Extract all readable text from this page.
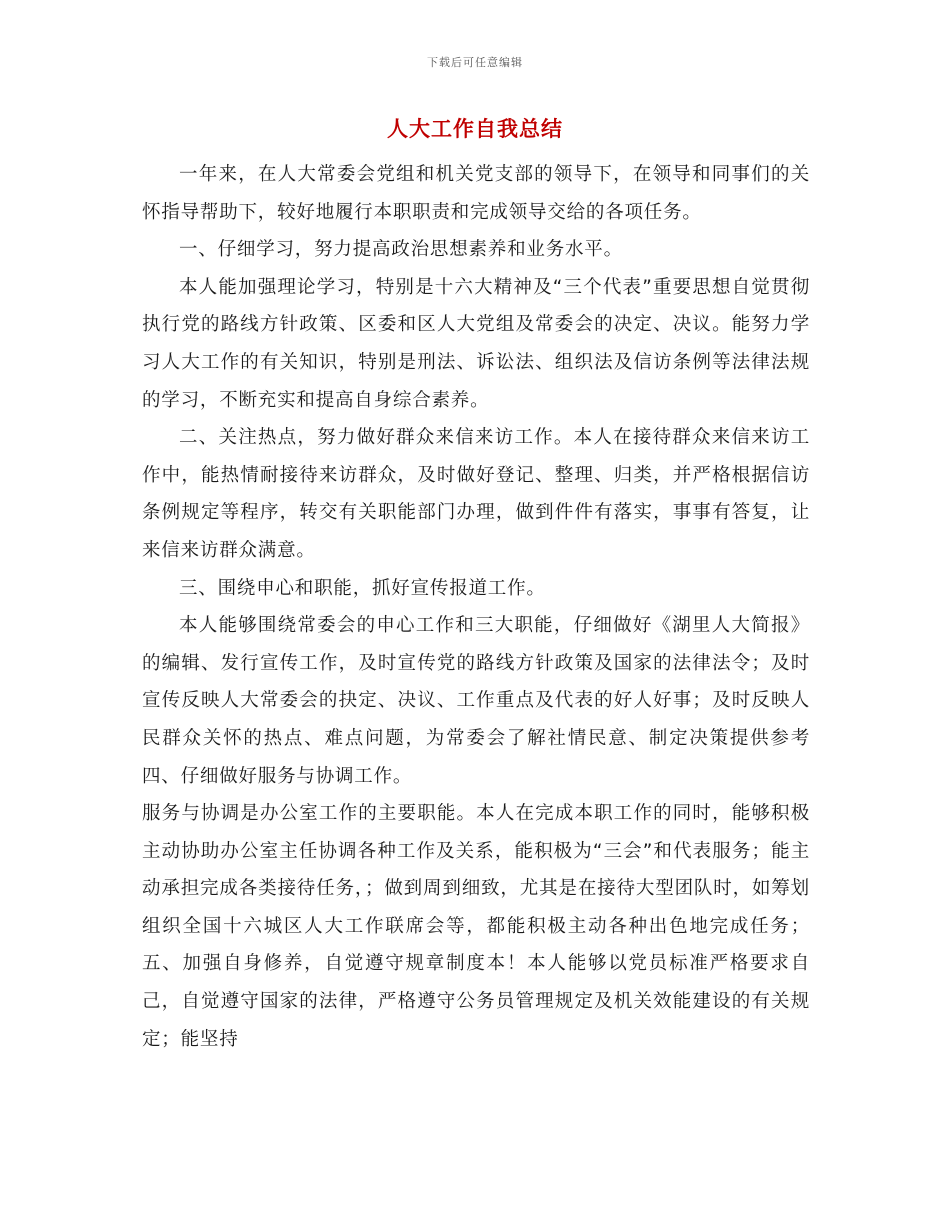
下载后可任意编辑
人大工作自我总结

一年来，在人大常委会党组和机关党支部的领导下，在领导和同事们的关怀指导帮助下，较好地履行本职职责和完成领导交给的各项任务。

一、仔细学习，努力提高政治思想素养和业务水平。

本人能加强理论学习，特别是十六大精神及“三个代表”重要思想自觉贯彻执行党的路线方针政策、区委和区人大党组及常委会的决定、决议。能努力学习人大工作的有关知识，特别是刑法、诉讼法、组织法及信访条例等法律法规的学习，不断充实和提高自身综合素养。

二、关注热点，努力做好群众来信来访工作。本人在接待群众来信来访工作中，能热情耐接待来访群众，及时做好登记、整理、归类，并严格根据信访条例规定等程序，转交有关职能部门办理，做到件件有落实，事事有答复，让来信来访群众满意。

三、围绕申心和职能，抓好宣传报道工作。

本人能够围绕常委会的申心工作和三大职能，仔细做好《湖里人大简报》的编辑、发行宣传工作，及时宣传党的路线方针政策及国家的法律法令；及时宣传反映人大常委会的抉定、决议、工作重点及代表的好人好事；及时反映人民群众关怀的热点、难点问题，为常委会了解社情民意、制定决策提供参考四、仔细做好服务与协调工作。

服务与协调是办公室工作的主要职能。本人在完成本职工作的同时，能够积极主动协助办公室主任协调各种工作及关系，能积极为“三会”和代表服务；能主动承担完成各类接待任务，；做到周到细致，尤其是在接待大型团队时，如筹划组织全国十六城区人大工作联席会等，都能积极主动各种出色地完成任务；五、加强自身修养，自觉遵守规章制度本！本人能够以党员标准严格要求自己，自觉遵守国家的法律，严格遵守公务员管理规定及机关效能建设的有关规定；能坚持
